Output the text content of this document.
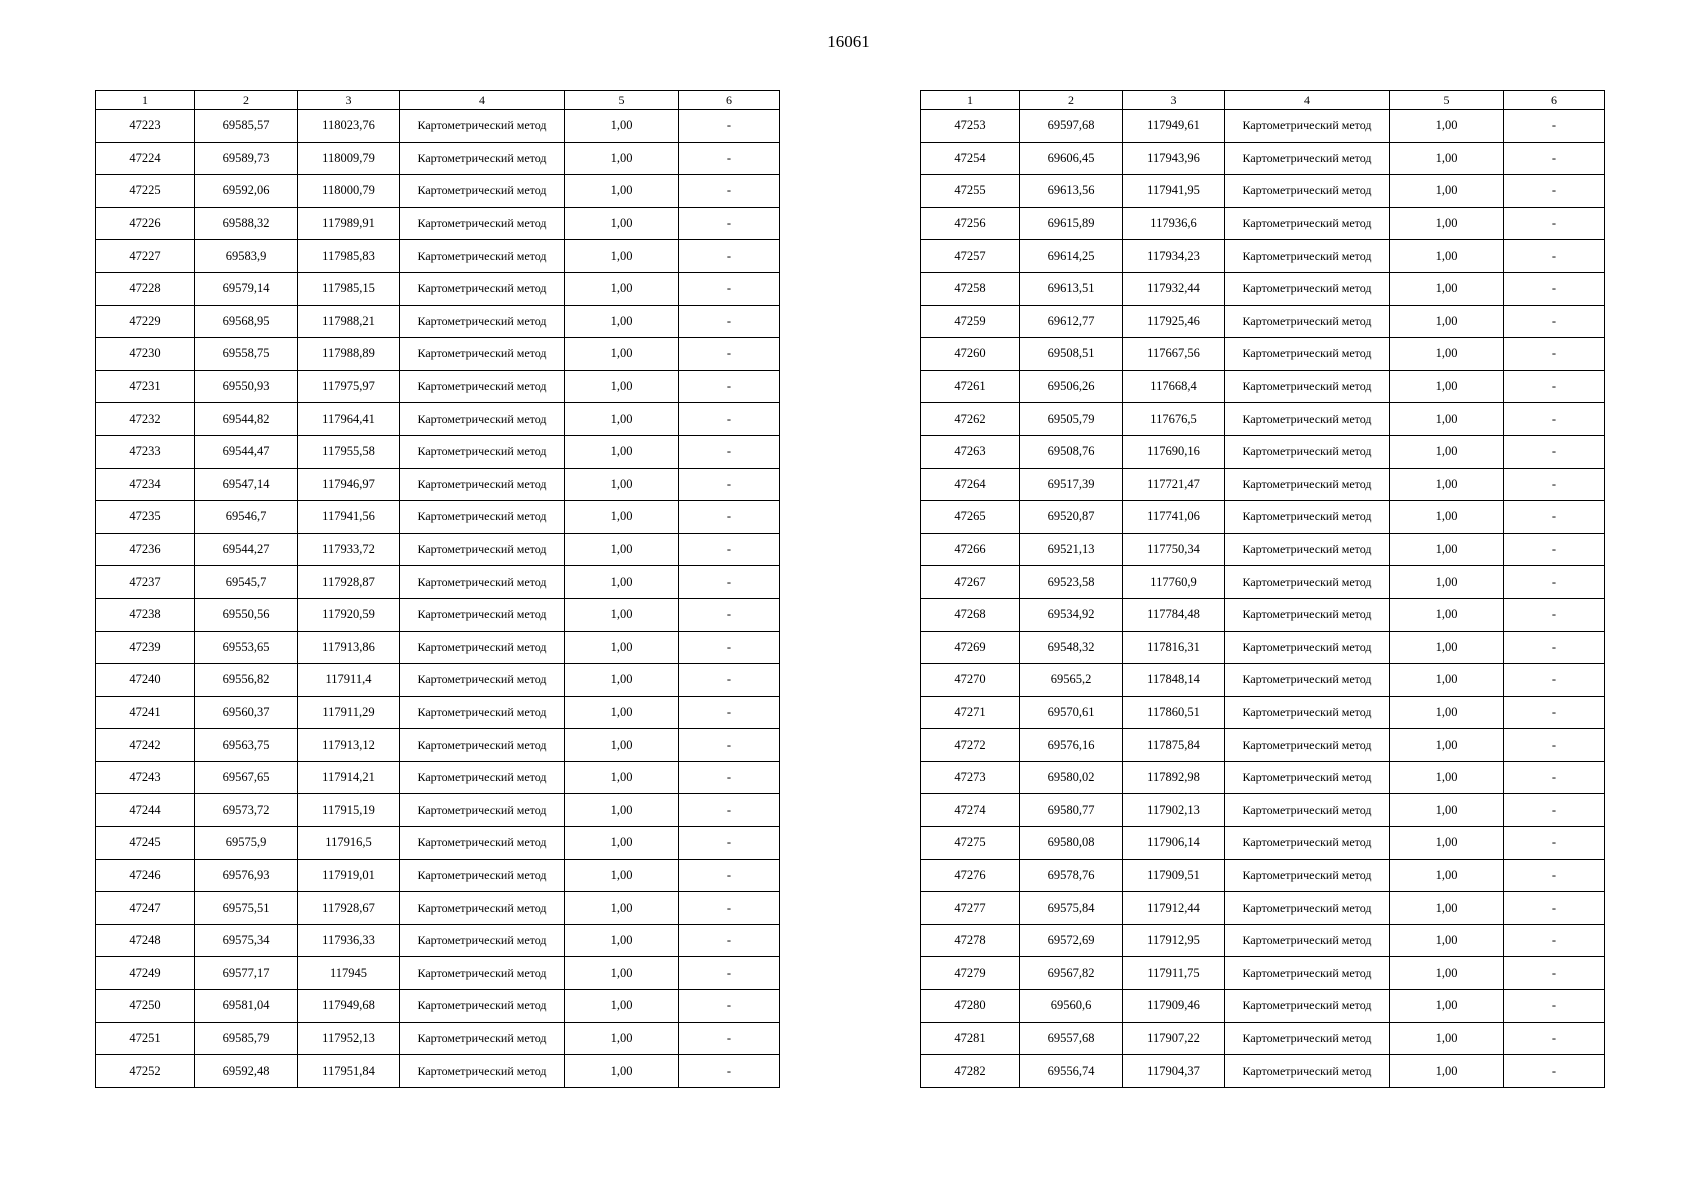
16061
1	2	3	4	5	6
47223	69585,57	118023,76	Картометрический метод	1,00	-
47224	69589,73	118009,79	Картометрический метод	1,00	-
47225	69592,06	118000,79	Картометрический метод	1,00	-
47226	69588,32	117989,91	Картометрический метод	1,00	-
47227	69583,9	117985,83	Картометрический метод	1,00	-
47228	69579,14	117985,15	Картометрический метод	1,00	-
47229	69568,95	117988,21	Картометрический метод	1,00	-
47230	69558,75	117988,89	Картометрический метод	1,00	-
47231	69550,93	117975,97	Картометрический метод	1,00	-
47232	69544,82	117964,41	Картометрический метод	1,00	-
47233	69544,47	117955,58	Картометрический метод	1,00	-
47234	69547,14	117946,97	Картометрический метод	1,00	-
47235	69546,7	117941,56	Картометрический метод	1,00	-
47236	69544,27	117933,72	Картометрический метод	1,00	-
47237	69545,7	117928,87	Картометрический метод	1,00	-
47238	69550,56	117920,59	Картометрический метод	1,00	-
47239	69553,65	117913,86	Картометрический метод	1,00	-
47240	69556,82	117911,4	Картометрический метод	1,00	-
47241	69560,37	117911,29	Картометрический метод	1,00	-
47242	69563,75	117913,12	Картометрический метод	1,00	-
47243	69567,65	117914,21	Картометрический метод	1,00	-
47244	69573,72	117915,19	Картометрический метод	1,00	-
47245	69575,9	117916,5	Картометрический метод	1,00	-
47246	69576,93	117919,01	Картометрический метод	1,00	-
47247	69575,51	117928,67	Картометрический метод	1,00	-
47248	69575,34	117936,33	Картометрический метод	1,00	-
47249	69577,17	117945	Картометрический метод	1,00	-
47250	69581,04	117949,68	Картометрический метод	1,00	-
47251	69585,79	117952,13	Картометрический метод	1,00	-
47252	69592,48	117951,84	Картометрический метод	1,00	-
1	2	3	4	5	6
47253	69597,68	117949,61	Картометрический метод	1,00	-
47254	69606,45	117943,96	Картометрический метод	1,00	-
47255	69613,56	117941,95	Картометрический метод	1,00	-
47256	69615,89	117936,6	Картометрический метод	1,00	-
47257	69614,25	117934,23	Картометрический метод	1,00	-
47258	69613,51	117932,44	Картометрический метод	1,00	-
47259	69612,77	117925,46	Картометрический метод	1,00	-
47260	69508,51	117667,56	Картометрический метод	1,00	-
47261	69506,26	117668,4	Картометрический метод	1,00	-
47262	69505,79	117676,5	Картометрический метод	1,00	-
47263	69508,76	117690,16	Картометрический метод	1,00	-
47264	69517,39	117721,47	Картометрический метод	1,00	-
47265	69520,87	117741,06	Картометрический метод	1,00	-
47266	69521,13	117750,34	Картометрический метод	1,00	-
47267	69523,58	117760,9	Картометрический метод	1,00	-
47268	69534,92	117784,48	Картометрический метод	1,00	-
47269	69548,32	117816,31	Картометрический метод	1,00	-
47270	69565,2	117848,14	Картометрический метод	1,00	-
47271	69570,61	117860,51	Картометрический метод	1,00	-
47272	69576,16	117875,84	Картометрический метод	1,00	-
47273	69580,02	117892,98	Картометрический метод	1,00	-
47274	69580,77	117902,13	Картометрический метод	1,00	-
47275	69580,08	117906,14	Картометрический метод	1,00	-
47276	69578,76	117909,51	Картометрический метод	1,00	-
47277	69575,84	117912,44	Картометрический метод	1,00	-
47278	69572,69	117912,95	Картометрический метод	1,00	-
47279	69567,82	117911,75	Картометрический метод	1,00	-
47280	69560,6	117909,46	Картометрический метод	1,00	-
47281	69557,68	117907,22	Картометрический метод	1,00	-
47282	69556,74	117904,37	Картометрический метод	1,00	-
